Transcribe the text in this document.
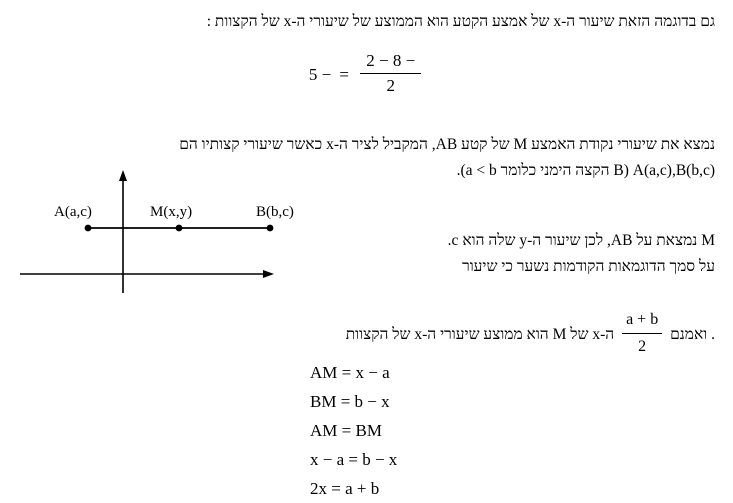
גם בדוגמה הזאת שיעור ה-x של אמצע הקטע הוא הממוצע של שיעורי ה-x של הקצוות :
5 − = $\frac{2 - 8 -}{2}$
נמצא את שיעורי נקודת האמצע M של קטע AB, המקביל לציר ה-x כאשר שיעורי קצותיו הם
A(a,c),B(b,c) (B הקצה הימני כלומר a < b).
A(a,c)	M(x,y)	B(b,c)
M נמצאת על AB, לכן שיעור ה-y שלה הוא c.
על סמך הדוגמאות הקודמות נשער כי שיעור
. ואמנם
$\frac{a + b}{2}$
ה-x של M הוא ממוצע שיעורי ה-x של הקצוות
AM = x − a
BM = b − x
AM = BM
x − a = b − x
2x = a + b
